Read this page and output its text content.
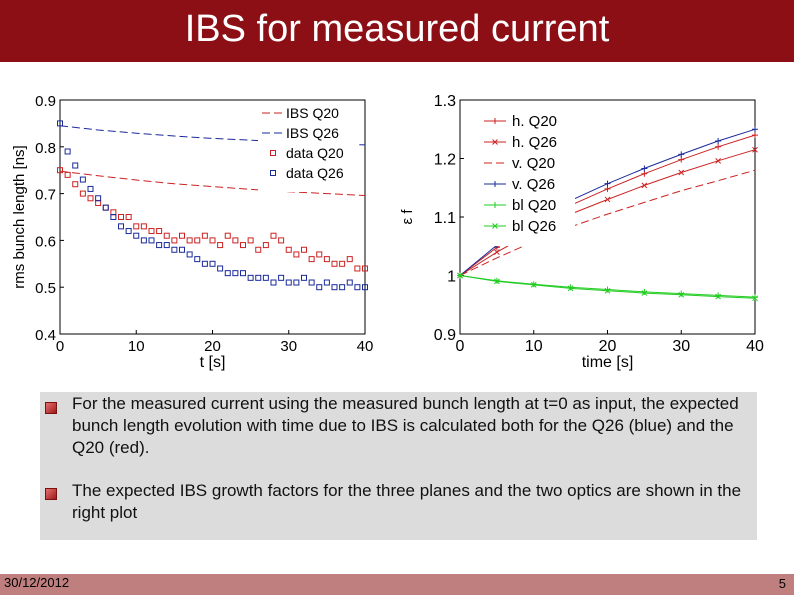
IBS for measured current
0	10	20	30	40
0.4
0.5
0.6
0.7
0.8
0.9
t [s]
IBS Q20
IBS Q26
data Q20
data Q26
rms bunch length [ns]
0	10	20	30	40
0.9
1
1.1
1.2
1.3
time [s]
h. Q20
h. Q26
v. Q20
v. Q26
bl Q20
bl Q26
ε f
For the measured current using the measured bunch length at t=0 as input, the expected bunch length evolution with time due to IBS is calculated both for the Q26 (blue) and the Q20 (red).
The expected IBS growth factors for the three planes and the two optics are shown in the right plot
30/12/2012	5
